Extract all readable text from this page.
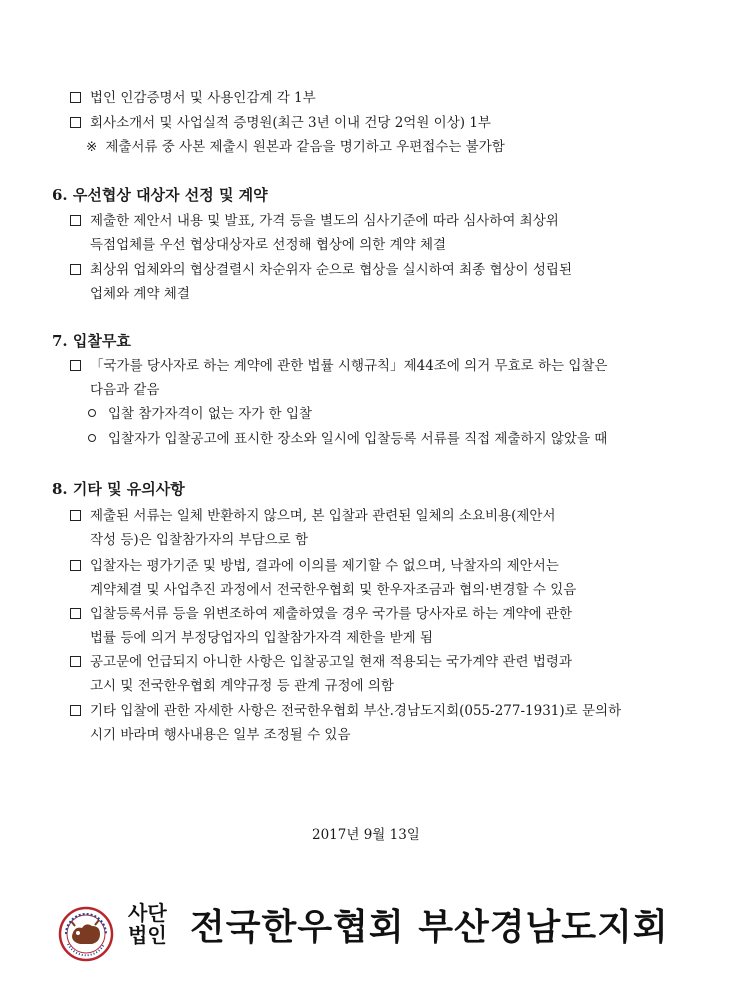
법인 인감증명서 및 사용인감계 각 1부
회사소개서 및 사업실적 증명원(최근 3년 이내 건당 2억원 이상) 1부
※ 제출서류 중 사본 제출시 원본과 같음을 명기하고 우편접수는 불가함
6. 우선협상 대상자 선정 및 계약
제출한 제안서 내용 및 발표, 가격 등을 별도의 심사기준에 따라 심사하여 최상위
득점업체를 우선 협상대상자로 선정해 협상에 의한 계약 체결
최상위 업체와의 협상결렬시 차순위자 순으로 협상을 실시하여 최종 협상이 성립된
업체와 계약 체결
7. 입찰무효
「국가를 당사자로 하는 계약에 관한 법률 시행규칙」제44조에 의거 무효로 하는 입찰은
다음과 같음
입찰 참가자격이 없는 자가 한 입찰
입찰자가 입찰공고에 표시한 장소와 일시에 입찰등록 서류를 직접 제출하지 않았을 때
8. 기타 및 유의사항
제출된 서류는 일체 반환하지 않으며, 본 입찰과 관련된 일체의 소요비용(제안서
작성 등)은 입찰참가자의 부담으로 함
입찰자는 평가기준 및 방법, 결과에 이의를 제기할 수 없으며, 낙찰자의 제안서는
계약체결 및 사업추진 과정에서 전국한우협회 및 한우자조금과 협의·변경할 수 있음
입찰등록서류 등을 위변조하여 제출하였을 경우 국가를 당사자로 하는 계약에 관한
법률 등에 의거 부정당업자의 입찰참가자격 제한을 받게 됨
공고문에 언급되지 아니한 사항은 입찰공고일 현재 적용되는 국가계약 관련 법령과
고시 및 전국한우협회 계약규정 등 관계 규정에 의함
기타 입찰에 관한 자세한 사항은 전국한우협회 부산.경남도지회(055-277-1931)로 문의하
시기 바라며 행사내용은 일부 조정될 수 있음
2017년 9월 13일
사단
법인 전국한우협회 부산경남도지회
